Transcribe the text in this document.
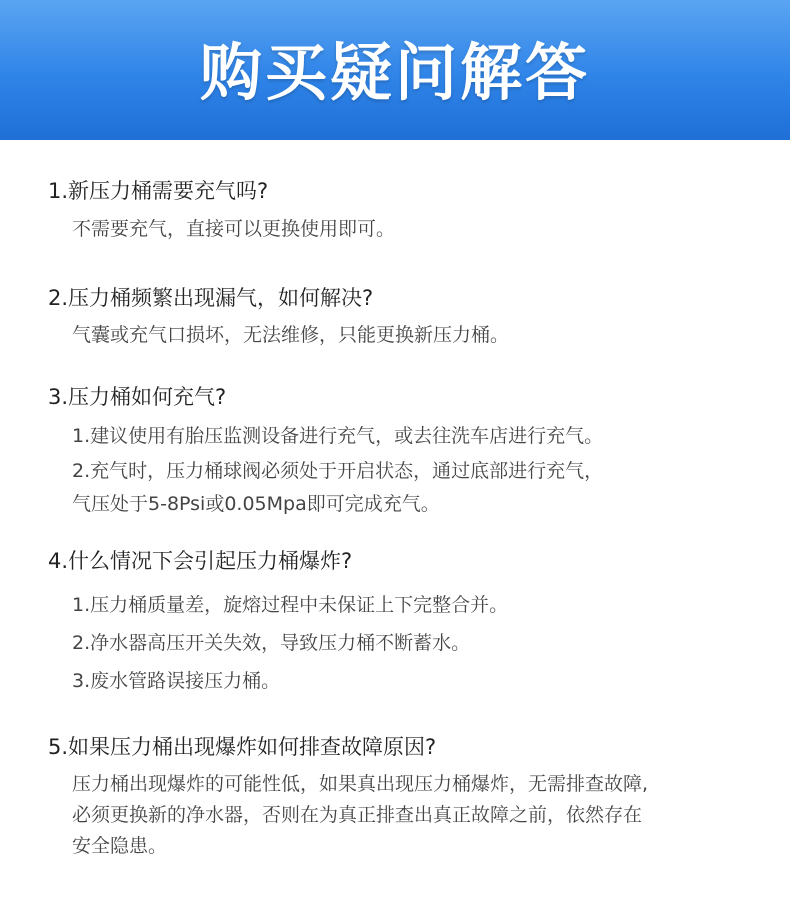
购买疑问解答
1.新压力桶需要充气吗?
不需要充气，直接可以更换使用即可。
2.压力桶频繁出现漏气，如何解决?
气囊或充气口损坏，无法维修，只能更换新压力桶。
3.压力桶如何充气?
1.建议使用有胎压监测设备进行充气，或去往洗车店进行充气。
2.充气时，压力桶球阀必须处于开启状态，通过底部进行充气，
气压处于5-8Psi或0.05Mpa即可完成充气。
4.什么情况下会引起压力桶爆炸?
1.压力桶质量差，旋熔过程中未保证上下完整合并。
2.净水器高压开关失效，导致压力桶不断蓄水。
3.废水管路误接压力桶。
5.如果压力桶出现爆炸如何排查故障原因?
压力桶出现爆炸的可能性低，如果真出现压力桶爆炸，无需排查故障,
必须更换新的净水器，否则在为真正排查出真正故障之前，依然存在
安全隐患。
